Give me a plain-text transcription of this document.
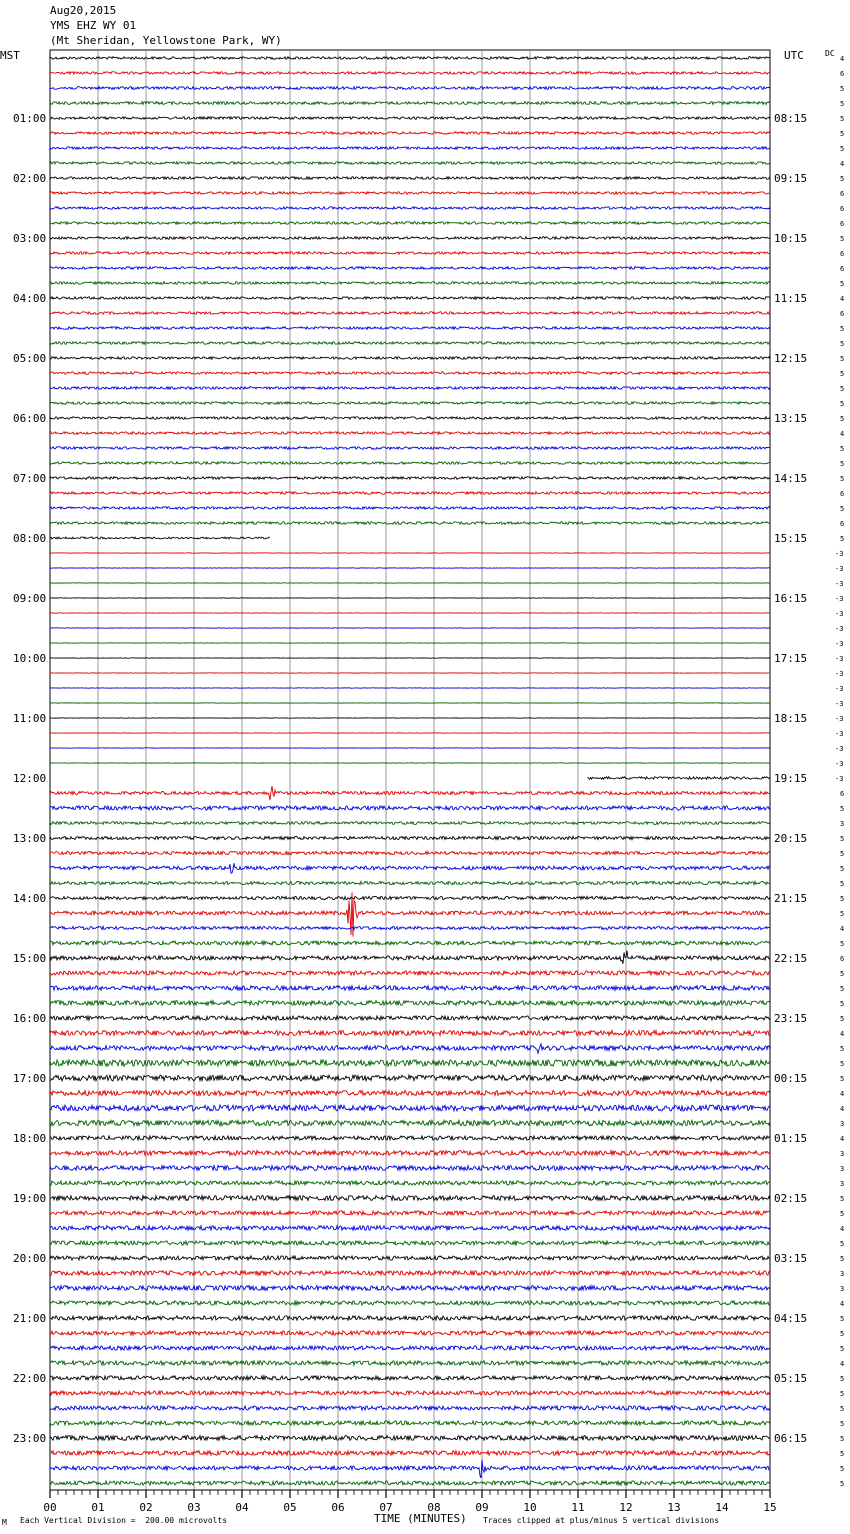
Aug20,2015
YMS EHZ WY 01
(Mt Sheridan, Yellowstone Park, WY)
MST	UTC	DC
4
6
5
5
5
5
5
4
5
6
6
6
5
6
6
5
4
6
5
5
5
5
5
5
5
4
5
5
5
6
5
6
5
-3
-3
-3
-3
-3
-3
-3
-3
-3
-3
-3
-3
-3
-3
-3
-3
6
5
3
5
5
5
5
5
5
4
5
6
5
5
5
5
4
5
5
5
4
4
3
4
3
3
3
5
5
4
5
5
3
3
4
5
5
5
4
5
5
5
5
5
5
5
5
01:00
02:00
03:00
04:00
05:00
06:00
07:00
08:00
09:00
10:00
11:00
12:00
13:00
14:00
15:00
16:00
17:00
18:00
19:00
20:00
21:00
22:00
23:00
08:15
09:15
10:15
11:15
12:15
13:15
14:15
15:15
16:15
17:15
18:15
19:15
20:15
21:15
22:15
23:15
00:15
01:15
02:15
03:15
04:15
05:15
06:15
00	01	02	03	04	05	06	07	08	09	10	11	12	13	14	15
M Each Vertical Division =  200.00 microvolts	TIME (MINUTES) Traces clipped at plus/minus 5 vertical divisions
